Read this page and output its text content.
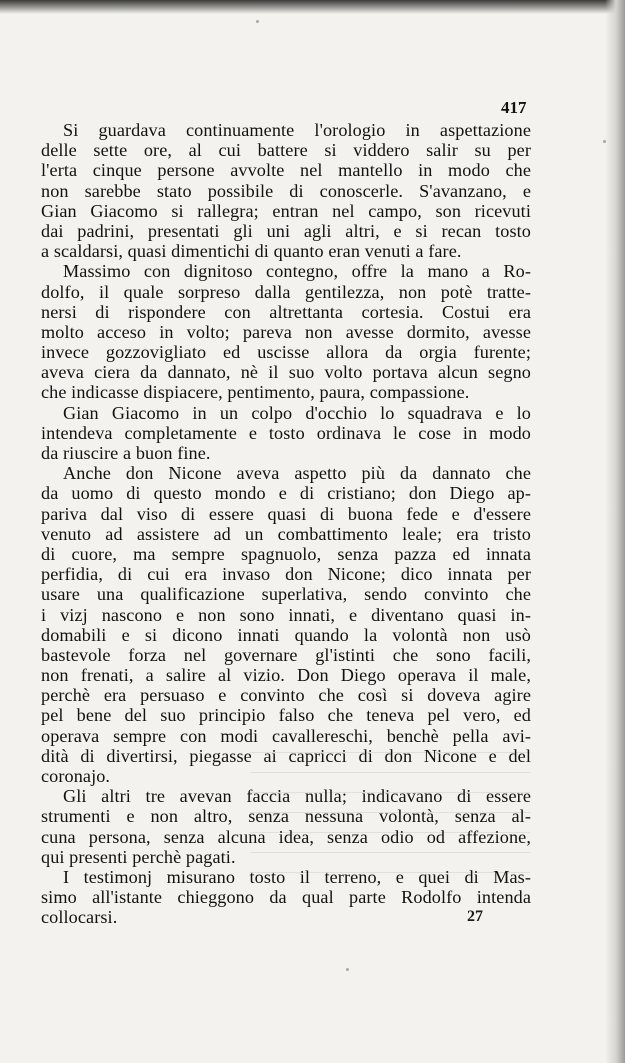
417
Si guardava continuamente l'orologio in aspettazione
delle sette ore, al cui battere si viddero salir su per
l'erta cinque persone avvolte nel mantello in modo che
non sarebbe stato possibile di conoscerle. S'avanzano, e
Gian Giacomo si rallegra; entran nel campo, son ricevuti
dai padrini, presentati gli uni agli altri, e si recan tosto
a scaldarsi, quasi dimentichi di quanto eran venuti a fare.
Massimo con dignitoso contegno, offre la mano a Ro-
dolfo, il quale sorpreso dalla gentilezza, non potè tratte-
nersi di rispondere con altrettanta cortesia. Costui era
molto acceso in volto; pareva non avesse dormito, avesse
invece gozzovigliato ed uscisse allora da orgia furente;
aveva ciera da dannato, nè il suo volto portava alcun segno
che indicasse dispiacere, pentimento, paura, compassione.
Gian Giacomo in un colpo d'occhio lo squadrava e lo
intendeva completamente e tosto ordinava le cose in modo
da riuscire a buon fine.
Anche don Nicone aveva aspetto più da dannato che
da uomo di questo mondo e di cristiano; don Diego ap-
pariva dal viso di essere quasi di buona fede e d'essere
venuto ad assistere ad un combattimento leale; era tristo
di cuore, ma sempre spagnuolo, senza pazza ed innata
perfidia, di cui era invaso don Nicone; dico innata per
usare una qualificazione superlativa, sendo convinto che
i vizj nascono e non sono innati, e diventano quasi in-
domabili e si dicono innati quando la volontà non usò
bastevole forza nel governare gl'istinti che sono facili,
non frenati, a salire al vizio. Don Diego operava il male,
perchè era persuaso e convinto che così si doveva agire
pel bene del suo principio falso che teneva pel vero, ed
operava sempre con modi cavallereschi, benchè pella avi-
dità di divertirsi, piegasse ai capricci di don Nicone e del
coronajo.
Gli altri tre avevan faccia nulla; indicavano di essere
strumenti e non altro, senza nessuna volontà, senza al-
cuna persona, senza alcuna idea, senza odio od affezione,
qui presenti perchè pagati.
I testimonj misurano tosto il terreno, e quei di Mas-
simo all'istante chieggono da qual parte Rodolfo intenda
collocarsi.	27
